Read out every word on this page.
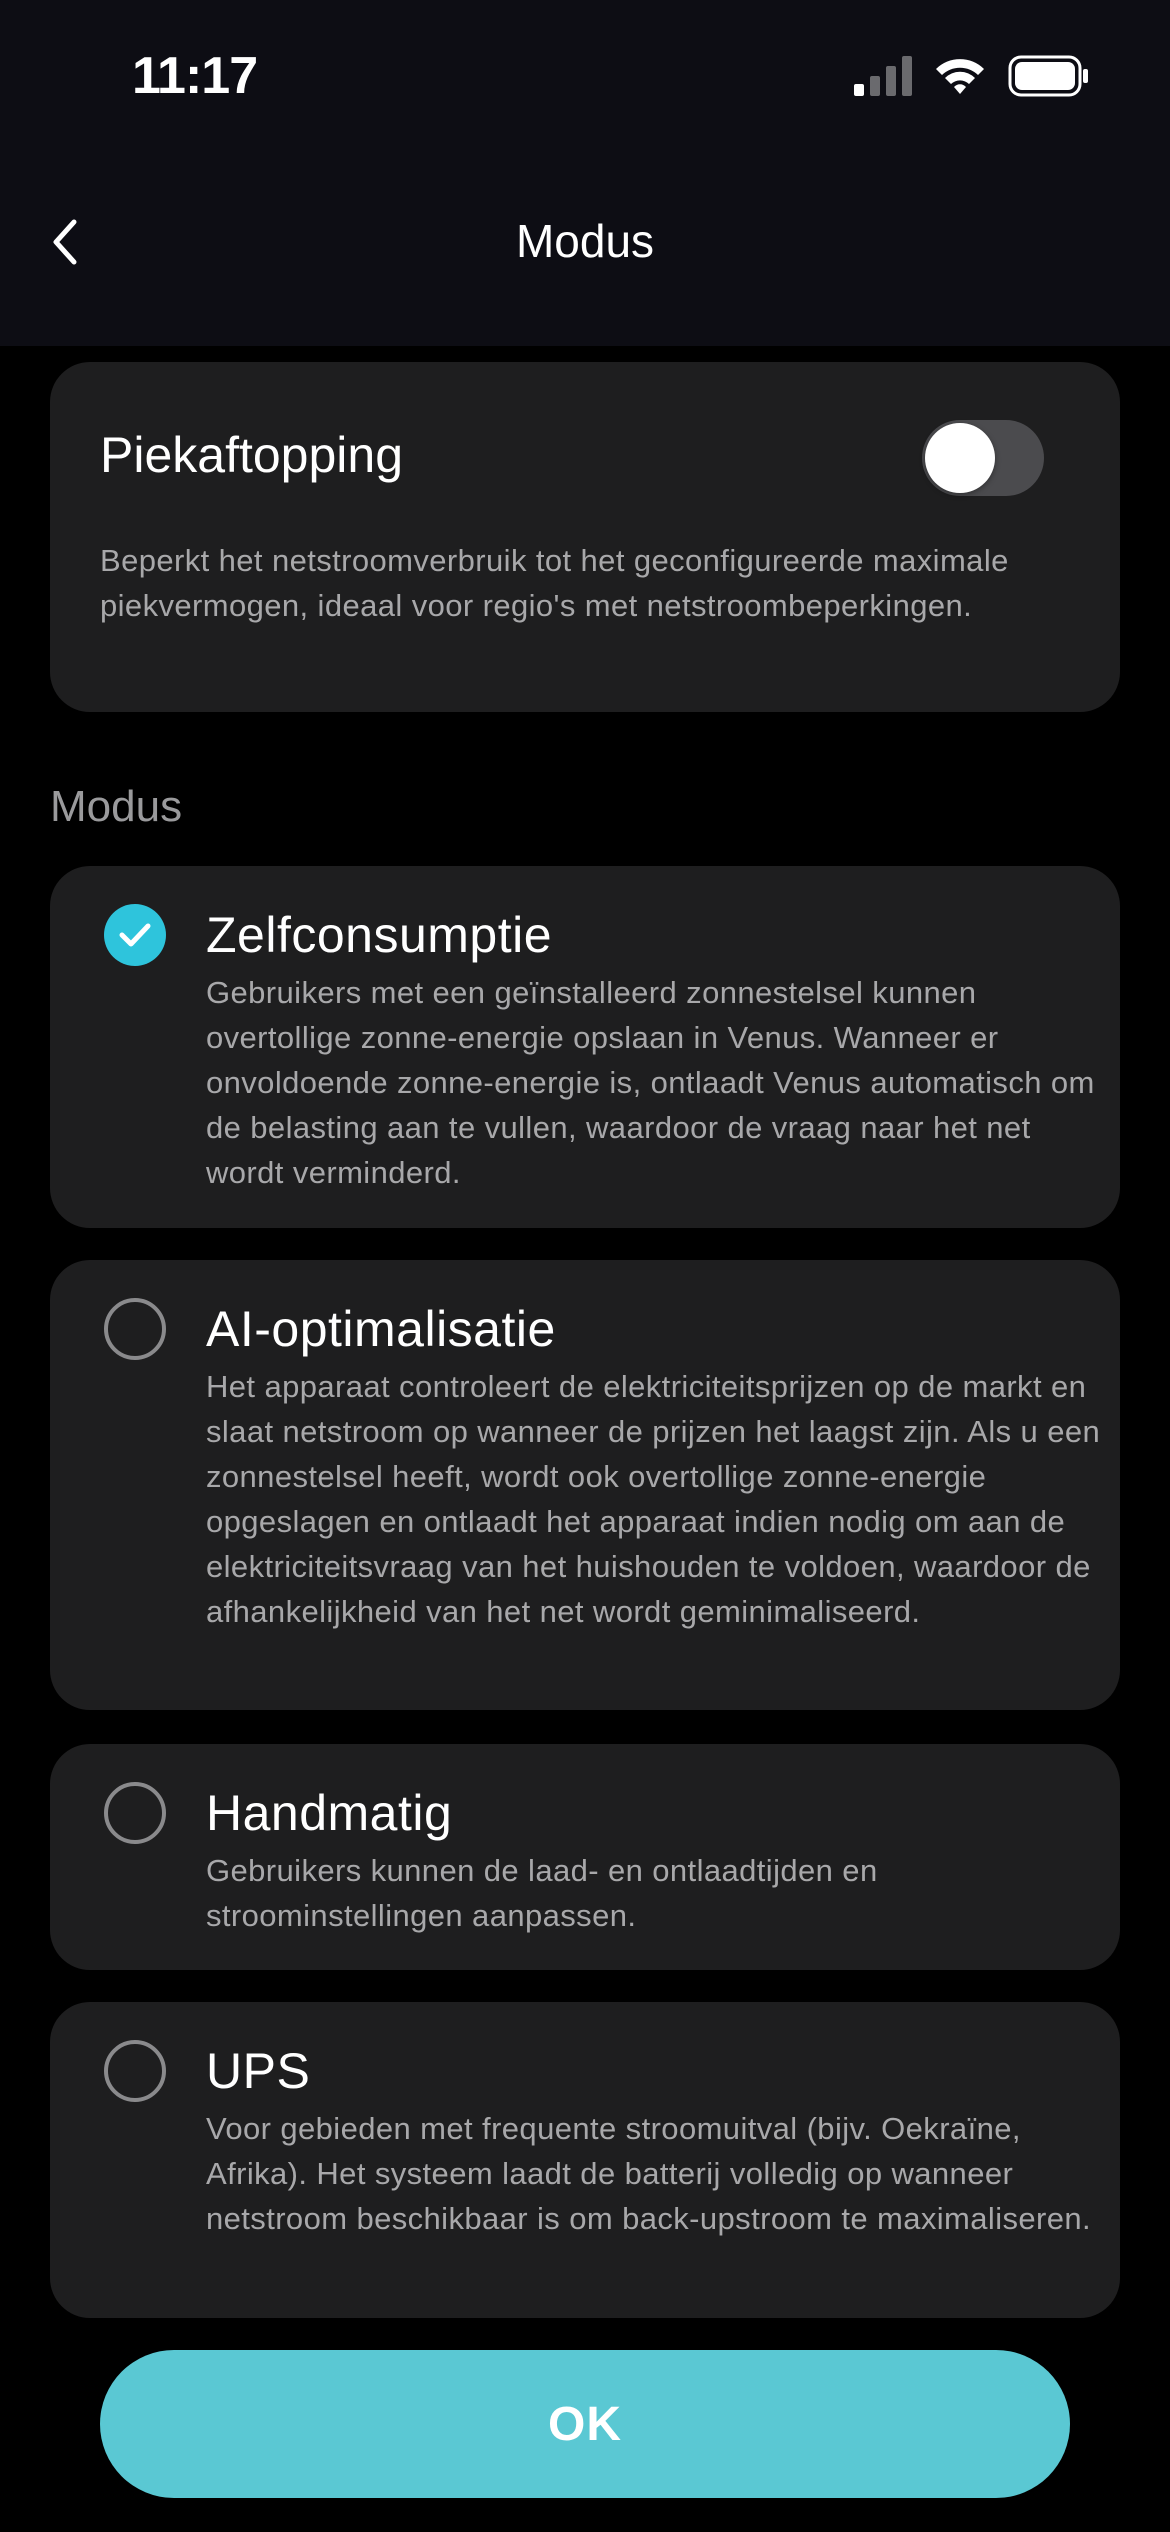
11:17
Modus
Piekaftopping
Beperkt het netstroomverbruik tot het geconfigureerde maximale piekvermogen, ideaal voor regio's met netstroombeperkingen.
Modus
Zelfconsumptie
Gebruikers met een geïnstalleerd zonnestelsel kunnen overtollige zonne-energie opslaan in Venus. Wanneer er onvoldoende zonne-energie is, ontlaadt Venus automatisch om de belasting aan te vullen, waardoor de vraag naar het net wordt verminderd.
AI-optimalisatie
Het apparaat controleert de elektriciteitsprijzen op de markt en slaat netstroom op wanneer de prijzen het laagst zijn. Als u een zonnestelsel heeft, wordt ook overtollige zonne-energie opgeslagen en ontlaadt het apparaat indien nodig om aan de elektriciteitsvraag van het huishouden te voldoen, waardoor de afhankelijkheid van het net wordt geminimaliseerd.
Handmatig
Gebruikers kunnen de laad- en ontlaadtijden en stroominstellingen aanpassen.
UPS
Voor gebieden met frequente stroomuitval (bijv. Oekraïne, Afrika). Het systeem laadt de batterij volledig op wanneer netstroom beschikbaar is om back-upstroom te maximaliseren.
OK
